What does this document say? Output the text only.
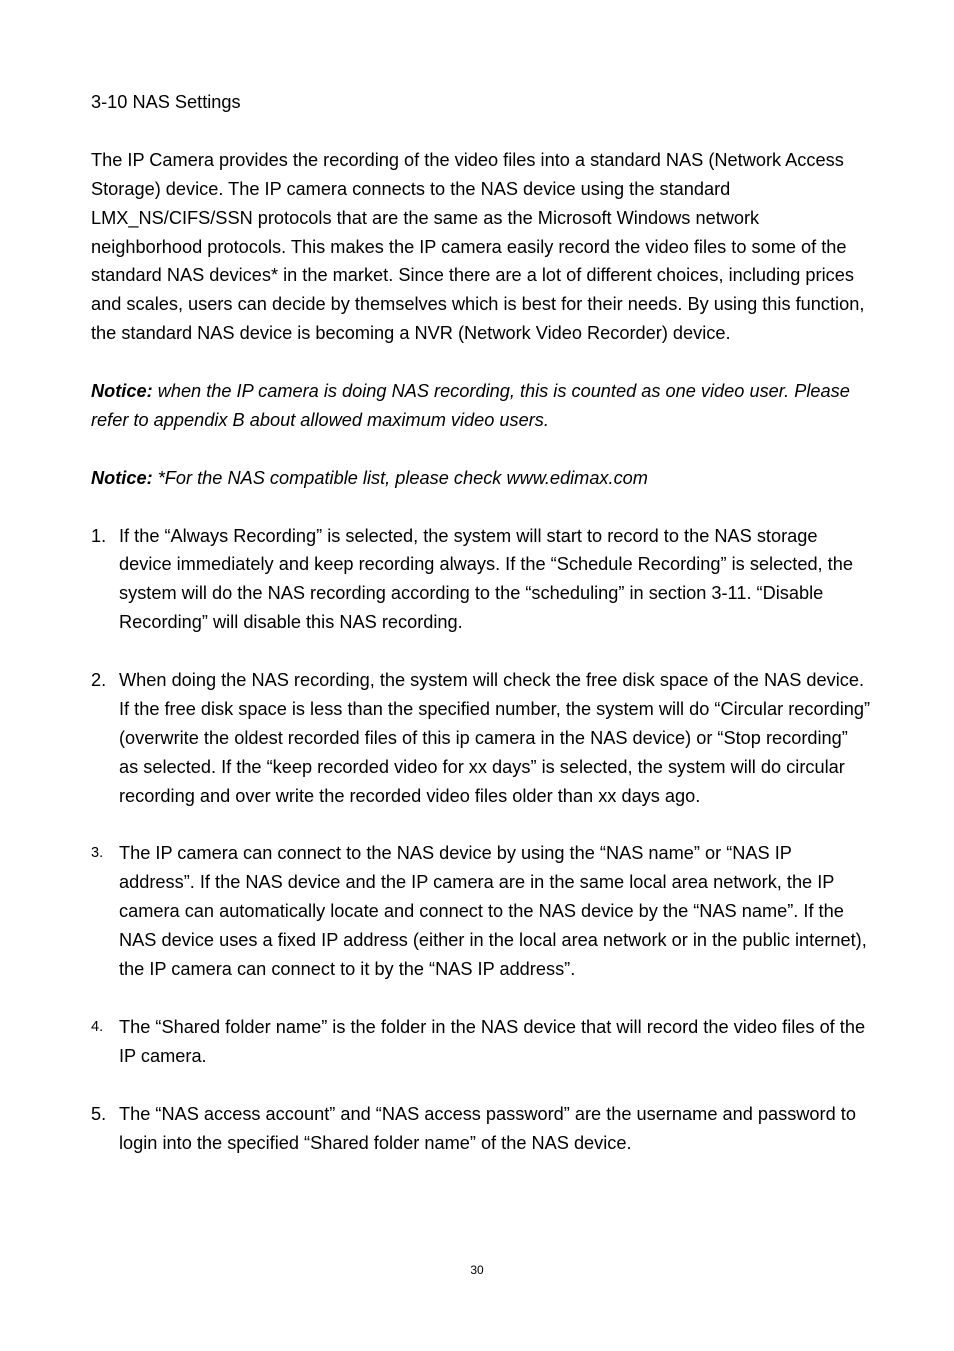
3-10 NAS Settings
The IP Camera provides the recording of the video files into a standard NAS (Network Access Storage) device. The IP camera connects to the NAS device using the standard LMX_NS/CIFS/SSN protocols that are the same as the Microsoft Windows network neighborhood protocols. This makes the IP camera easily record the video files to some of the standard NAS devices* in the market. Since there are a lot of different choices, including prices and scales, users can decide by themselves which is best for their needs. By using this function, the standard NAS device is becoming a NVR (Network Video Recorder) device.
Notice: when the IP camera is doing NAS recording, this is counted as one video user. Please refer to appendix B about allowed maximum video users.
Notice: *For the NAS compatible list, please check www.edimax.com
1. If the “Always Recording” is selected, the system will start to record to the NAS storage device immediately and keep recording always. If the “Schedule Recording” is selected, the system will do the NAS recording according to the “scheduling” in section 3-11. “Disable Recording” will disable this NAS recording.
2. When doing the NAS recording, the system will check the free disk space of the NAS device. If the free disk space is less than the specified number, the system will do “Circular recording” (overwrite the oldest recorded files of this ip camera in the NAS device) or “Stop recording” as selected. If the “keep recorded video for xx days” is selected, the system will do circular recording and over write the recorded video files older than xx days ago.
3. The IP camera can connect to the NAS device by using the “NAS name” or “NAS IP address”. If the NAS device and the IP camera are in the same local area network, the IP camera can automatically locate and connect to the NAS device by the “NAS name”. If the NAS device uses a fixed IP address (either in the local area network or in the public internet), the IP camera can connect to it by the “NAS IP address”.
4. The “Shared folder name” is the folder in the NAS device that will record the video files of the IP camera.
5. The “NAS access account” and “NAS access password” are the username and password to login into the specified “Shared folder name” of the NAS device.
30
